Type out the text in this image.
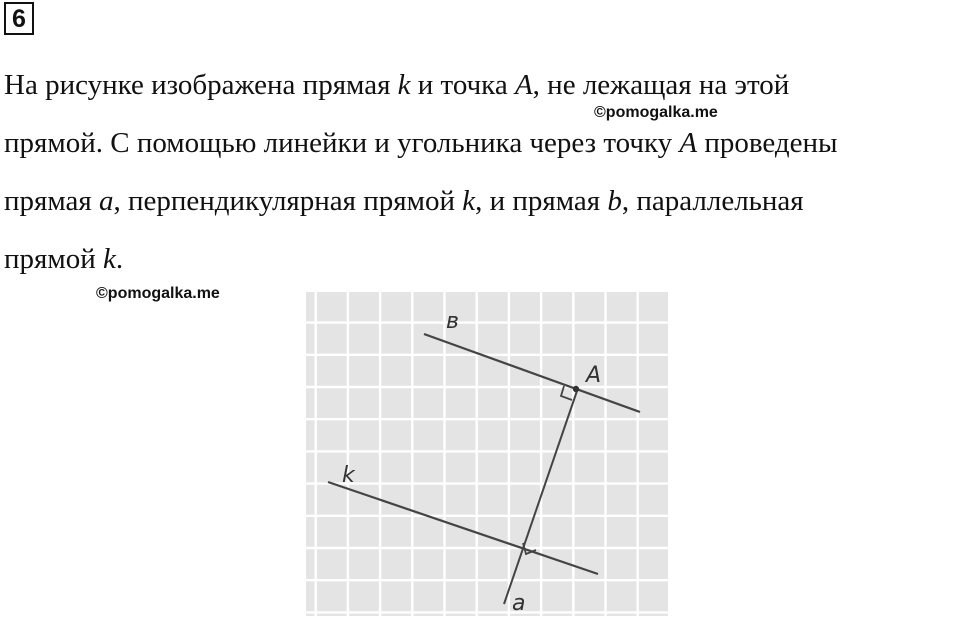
6

На рисунке изображена прямая k и точка A, не лежащая на этой
прямой. С помощью линейки и угольника через точку A проведены
прямая a, перпендикулярная прямой k, и прямая b, параллельная
прямой k.

©pomogalka.me
©pomogalka.me
в
A
k
a
